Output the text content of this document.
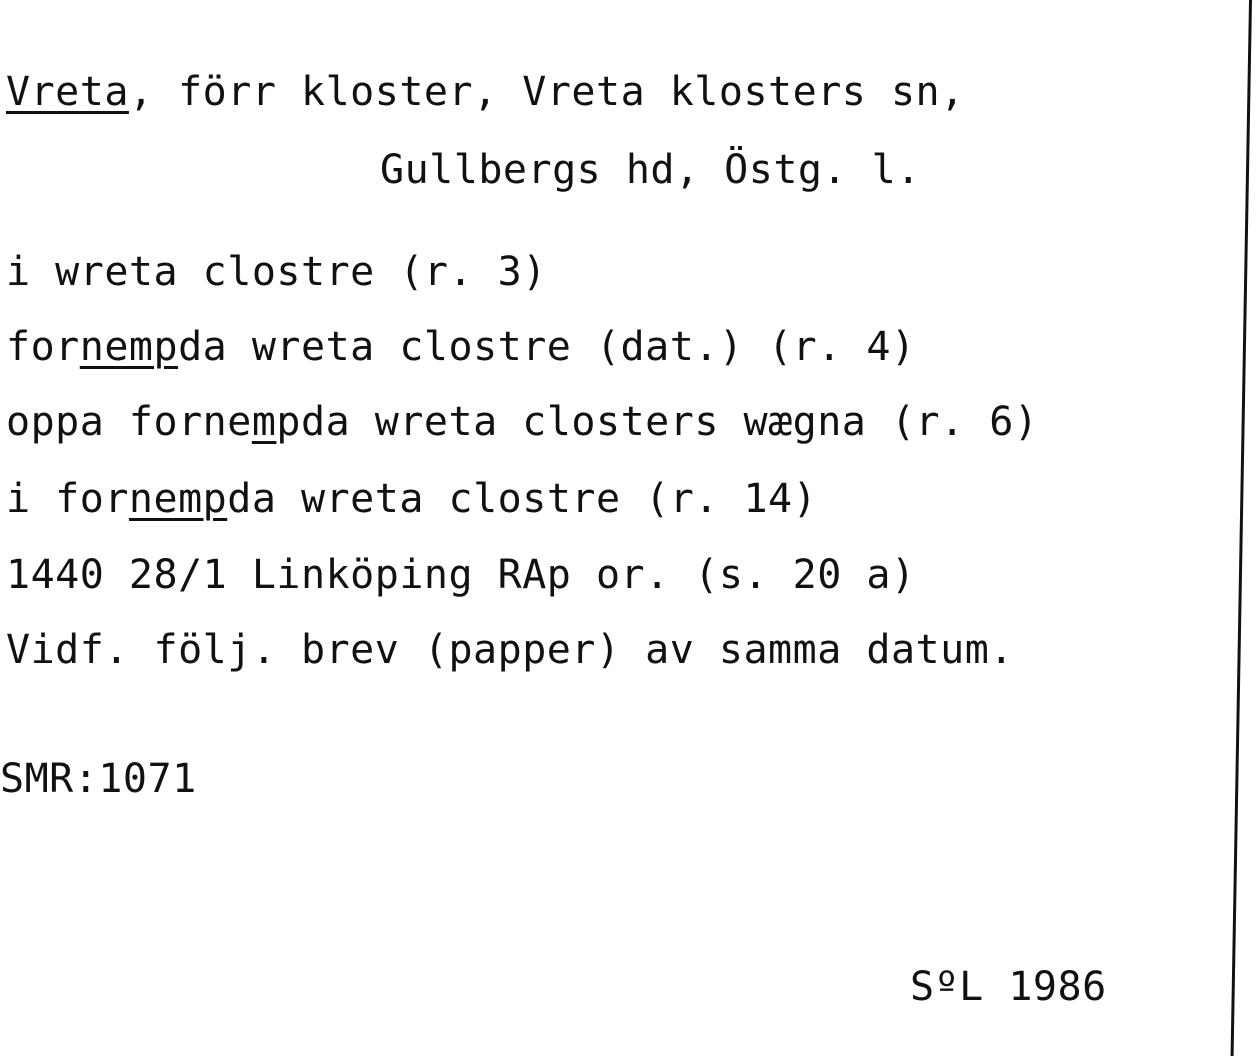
Vreta, förr kloster, Vreta klosters sn,
Gullbergs hd, Östg. l.
i wreta clostre (r. 3)
fornempda wreta clostre (dat.) (r. 4)
oppa fornempda wreta closters wægna (r. 6)
i fornempda wreta clostre (r. 14)
1440 28/1 Linköping RAp or. (s. 20 a)
Vidf. följ. brev (papper) av samma datum.
SMR:1071
SºL 1986
